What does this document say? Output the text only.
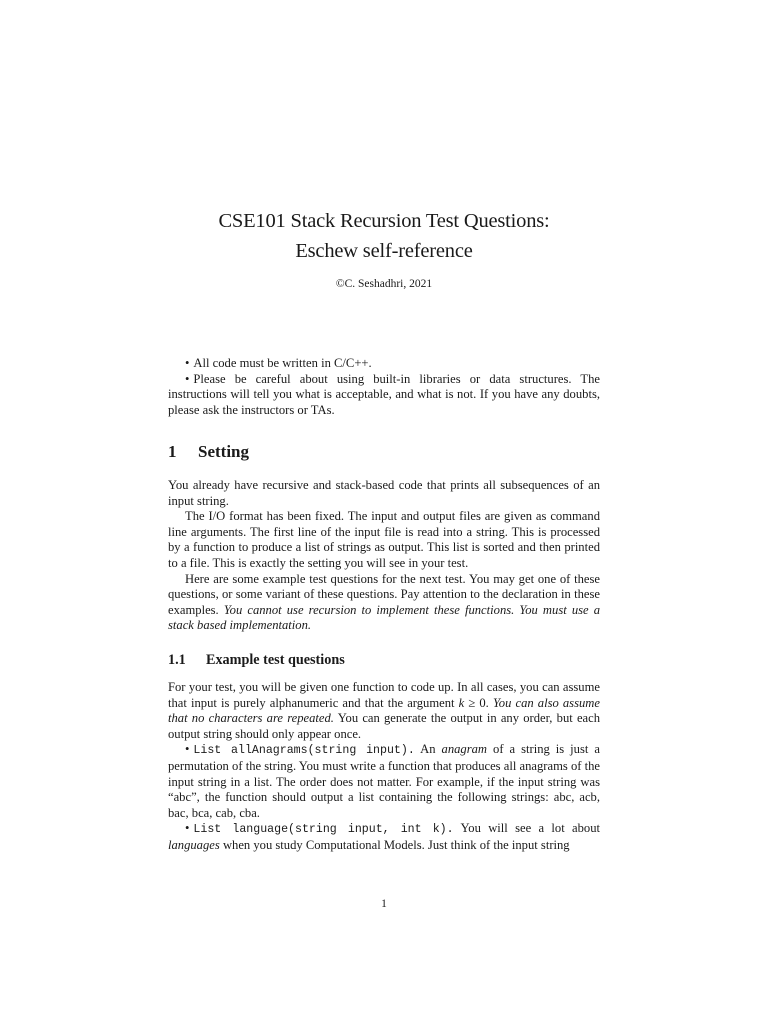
CSE101 Stack Recursion Test Questions:
Eschew self-reference
©C. Seshadhri, 2021

• All code must be written in C/C++.

• Please be careful about using built-in libraries or data structures. The instructions will tell you what is acceptable, and what is not. If you have any doubts, please ask the instructors or TAs.

1 Setting

You already have recursive and stack-based code that prints all subsequences of an input string.

The I/O format has been fixed. The input and output files are given as command line arguments. The first line of the input file is read into a string. This is processed by a function to produce a list of strings as output. This list is sorted and then printed to a file. This is exactly the setting you will see in your test.

Here are some example test questions for the next test. You may get one of these questions, or some variant of these questions. Pay attention to the declaration in these examples. You cannot use recursion to implement these functions. You must use a stack based implementation.

1.1 Example test questions

For your test, you will be given one function to code up. In all cases, you can assume that input is purely alphanumeric and that the argument k ≥ 0. You can also assume that no characters are repeated. You can generate the output in any order, but each output string should only appear once.

• List allAnagrams(string input). An anagram of a string is just a permutation of the string. You must write a function that produces all anagrams of the input string in a list. The order does not matter. For example, if the input string was “abc”, the function should output a list containing the following strings: abc, acb, bac, bca, cab, cba.

• List language(string input, int k). You will see a lot about languages when you study Computational Models. Just think of the input string

1
